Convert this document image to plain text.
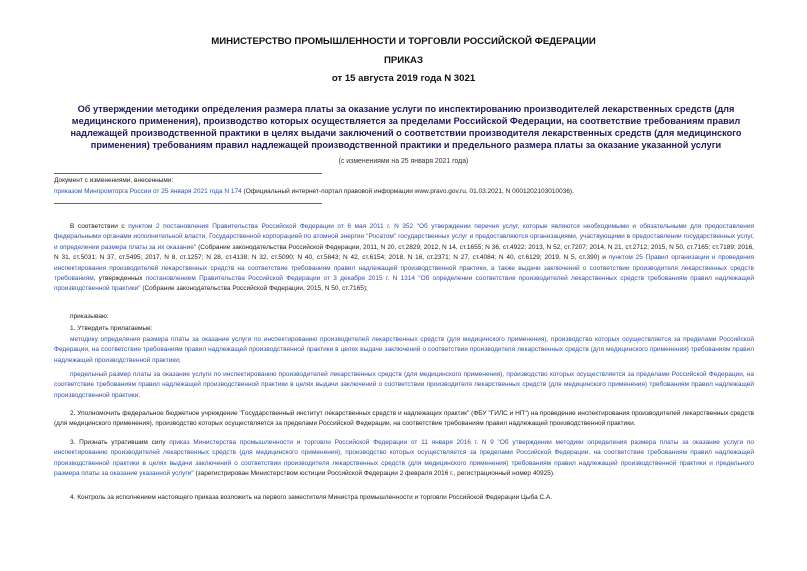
МИНИСТЕРСТВО ПРОМЫШЛЕННОСТИ И ТОРГОВЛИ РОССИЙСКОЙ ФЕДЕРАЦИИ
ПРИКАЗ
от 15 августа 2019 года N 3021
Об утверждении методики определения размера платы за оказание услуги по инспектированию производителей лекарственных средств (для медицинского применения), производство которых осуществляется за пределами Российской Федерации, на соответствие требованиям правил надлежащей производственной практики в целях выдачи заключений о соответствии производителя лекарственных средств (для медицинского применения) требованиям правил надлежащей производственной практики и предельного размера платы за оказание указанной услуги
(с изменениями на 25 января 2021 года)
Документ с изменениями, внесенными:
приказом Минпромторга России от 25 января 2021 года N 174 (Официальный интернет-портал правовой информации www.pravo.gov.ru, 01.03.2021, N 0001202103010036).
В соответствии с пунктом 2 постановления Правительства Российской Федерации от 6 мая 2011 г. N 352 "Об утверждении перечня услуг, которые являются необходимыми и обязательными для предоставления федеральными органами исполнительной власти, Государственной корпорацией по атомной энергии "Росатом" государственных услуг и предоставляются организациями, участвующими в предоставлении государственных услуг, и определении размера платы за их оказание" (Собрание законодательства Российской Федерации, 2011, N 20, ст.2829; 2012, N 14, ст.1655; N 36, ст.4922; 2013, N 52, ст.7207; 2014, N 21, ст.2712; 2015, N 50, ст.7165; ст.7189; 2016, N 31, ст.5031; N 37, ст.5495; 2017, N 8, ст.1257; N 28, ст.4138; N 32, ст.5090; N 40, ст.5843; N 42, ст.6154; 2018, N 16, ст.2371; N 27, ст.4084; N 40, ст.6129; 2019, N 5, ст.390) и пунктом 25 Правил организации и проведения инспектирования производителей лекарственных средств на соответствие требованиям правил надлежащей производственной практики, а также выдачи заключений о соответствии производителя лекарственных средств требованиям, утвержденных постановлением Правительства Российской Федерации от 3 декабря 2015 г. N 1314 "Об определении соответствия производителей лекарственных средств требованиям правил надлежащей производственной практики" (Собрание законодательства Российской Федерации, 2015, N 50, ст.7165);
приказываю:
1. Утвердить прилагаемые:
методику определения размера платы за оказание услуги по инспектированию производителей лекарственных средств (для медицинского применения), производство которых осуществляется за пределами Российской Федерации, на соответствие требованиям правил надлежащей производственной практики в целях выдачи заключений о соответствии производителя лекарственных средств (для медицинского применения) требованиям правил надлежащей производственной практики;
предельный размер платы за оказание услуги по инспектированию производителей лекарственных средств (для медицинского применения), производство которых осуществляется за пределами Российской Федерации, на соответствие требованиям правил надлежащей производственной практики в целях выдачи заключений о соответствии производителя лекарственных средств (для медицинского применения) требованиям правил надлежащей производственной практики.
2. Уполномочить федеральное бюджетное учреждение "Государственный институт лекарственных средств и надлежащих практик" (ФБУ "ГИЛС и НП") на проведение инспектирования производителей лекарственных средств (для медицинского применения), производство которых осуществляется за пределами Российской Федерации, на соответствие требованиям правил надлежащей производственной практики.
3. Признать утратившим силу приказ Министерства промышленности и торговли Российской Федерации от 11 января 2016 г. N 9 "Об утверждении методики определения размера платы за оказание услуги по инспектированию производителей лекарственных средств (для медицинского применения), производство которых осуществляется за пределами Российской Федерации, на соответствие требованиям правил надлежащей производственной практики в целях выдачи заключений о соответствии производителя лекарственных средств (для медицинского применения) требованиям правил надлежащей производственной практики и предельного размера платы за оказание указанной услуги" (зарегистрирован Министерством юстиции Российской Федерации 2 февраля 2016 г., регистрационный номер 40925).
4. Контроль за исполнением настоящего приказа возложить на первого заместителя Министра промышленности и торговли Российской Федерации Цыба С.А.
